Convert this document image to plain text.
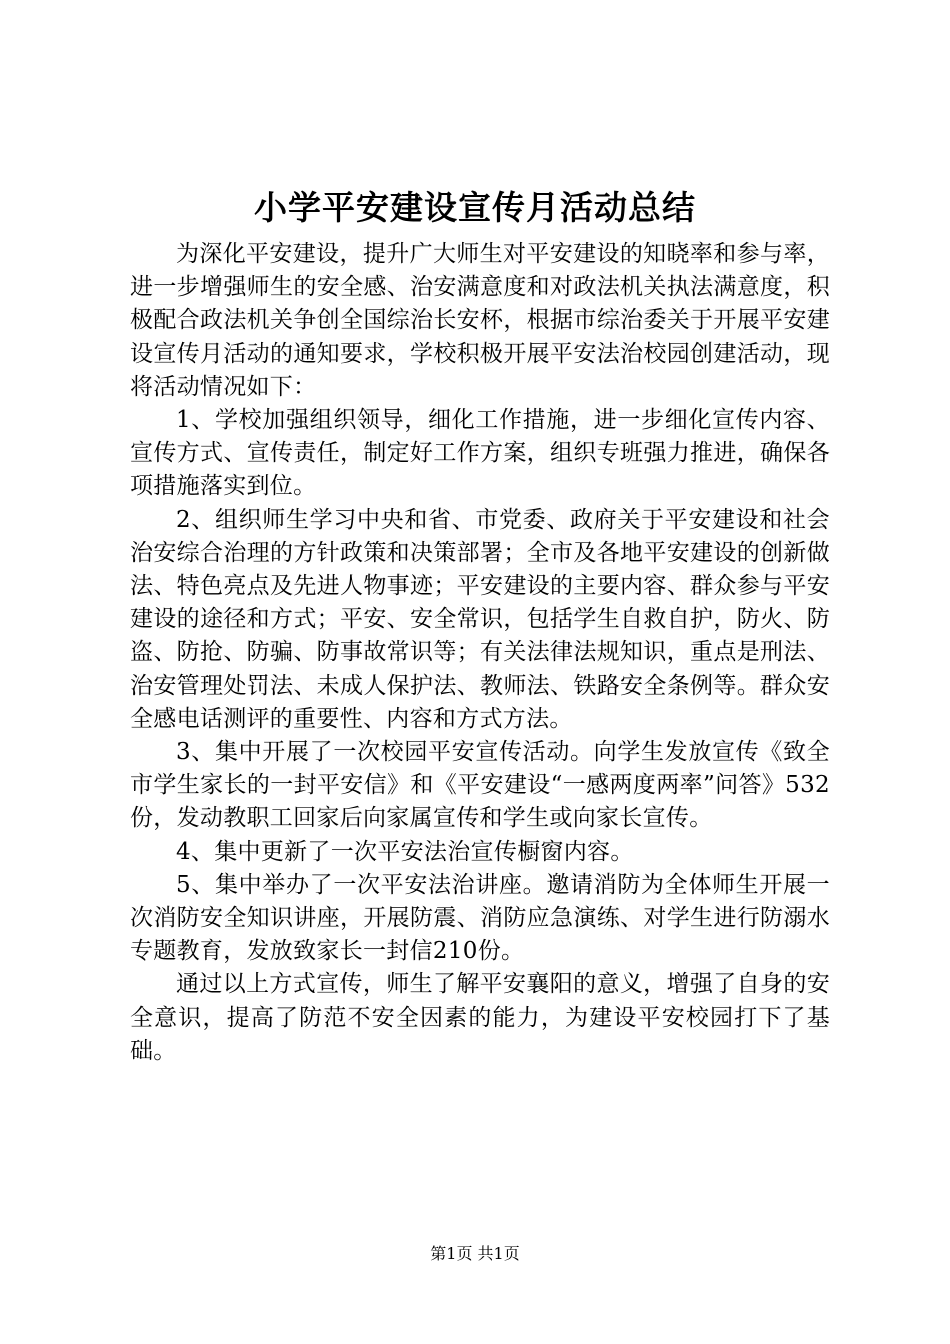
小学平安建设宣传月活动总结

为深化平安建设，提升广大师生对平安建设的知晓率和参与率，进一步增强师生的安全感、治安满意度和对政法机关执法满意度，积极配合政法机关争创全国综治长安杯，根据市综治委关于开展平安建设宣传月活动的通知要求，学校积极开展平安法治校园创建活动，现将活动情况如下：

1、学校加强组织领导，细化工作措施，进一步细化宣传内容、宣传方式、宣传责任，制定好工作方案，组织专班强力推进，确保各项措施落实到位。

2、组织师生学习中央和省、市党委、政府关于平安建设和社会治安综合治理的方针政策和决策部署；全市及各地平安建设的创新做法、特色亮点及先进人物事迹；平安建设的主要内容、群众参与平安建设的途径和方式；平安、安全常识，包括学生自救自护，防火、防盗、防抢、防骗、防事故常识等；有关法律法规知识，重点是刑法、治安管理处罚法、未成人保护法、教师法、铁路安全条例等。群众安全感电话测评的重要性、内容和方式方法。

3、集中开展了一次校园平安宣传活动。向学生发放宣传《致全市学生家长的一封平安信》和《平安建设“一感两度两率”问答》532份，发动教职工回家后向家属宣传和学生或向家长宣传。

4、集中更新了一次平安法治宣传橱窗内容。

5、集中举办了一次平安法治讲座。邀请消防为全体师生开展一次消防安全知识讲座，开展防震、消防应急演练、对学生进行防溺水专题教育，发放致家长一封信210份。

通过以上方式宣传，师生了解平安襄阳的意义，增强了自身的安全意识，提高了防范不安全因素的能力，为建设平安校园打下了基础。

第1页 共1页
